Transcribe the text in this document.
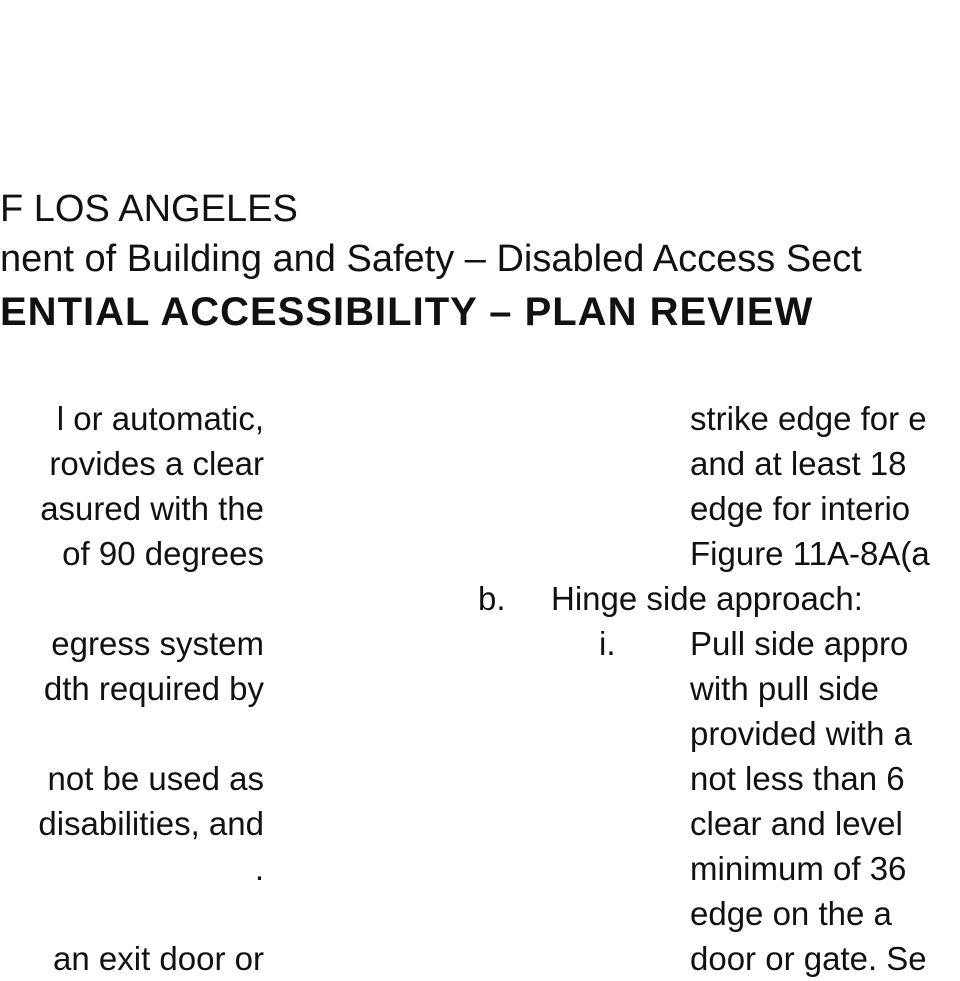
F LOS ANGELES
nent of Building and Safety – Disabled Access Sect
ENTIAL ACCESSIBILITY – PLAN REVIEW
l or automatic,
rovides a clear
asured with the
of 90 degrees
egress system
dth required by
not be used as
disabilities, and
.
an exit door or
strike edge for e
and at least 18
edge for interio
Figure 11A-8A(a
Pull side appro
with pull side
provided with a
not less than 6
clear and level
minimum of 36
edge on the a
door or gate. Se
b. Hinge side approach:
i.
